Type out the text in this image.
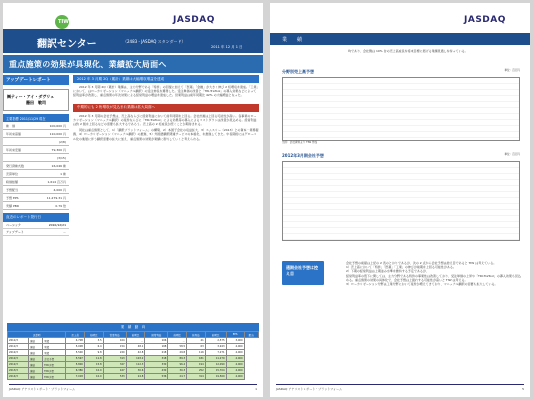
TIW	JASDAQ
翻訳センター	（2483・JASDAQ スタンダード）
2011 年 12 月 1 日
重点施策の効果が具現化、業績拡大局面へ
アップデートレポート
㈱ティー・アイ・ダヴリュ
藤田　敏司
主要指標 2011/11/29 現在
株　価	100,600 円
年初来高値	110,000 円
(2/8)
年初来安値	79,300 円
(3/15)
発行済株式数	16,046 株
売買単位	1 株
時価総額	1,614 百万円
予想配当	4,000 円
予想 EPS	11,279.31 円
実績 PBR	0.79 倍
直近のレポート発行日
ベーシック	2010/12/21
アップデート	－
2012 年 3 月期 2Q（累計）業績は大幅増収増益を達成
2012 年 3 月期 2Q（累計）業績は、主力分野である「特許」の回復に加えて「医薬」「金融」が大きく伸び 2 桁増収を達成。「工業」において、はローカリゼーション（マニュアル翻訳）の受注伸長を獲得した。受注単価の改善と「TRI-TraTool」の導入効果などによって経利益率が改善し、重点施策の年次効果による経常利益の増益を達成した。営業利益は前年同期比 42% の大幅増益となった。
中期的にも 2 桁増収が見込まれ業績は拡大局面へ
2012 年 3 月期の会社予想は、売上高ならびに経常利益において前年同期を上回る。会社計画は上回る可能性が高い。各事業のローカリゼーション（マニュアル翻訳）の案件ならびに「TRI-TraTool」による効果等の導入によるコストダウンは改善が見込める。経常利益は約 2 割を上回るなどの需要も拡大するであろう。売上高の 2 桁成長が続くことが期待される。
同社は重点施策として、1）「翻訳プラットフォーム」の構築、2）本国子会社の収益拡大、3）エムスリー（2413）との資本・業務提携、4）ローカリゼーション（マニュアル翻訳）の推進、5）外国語翻訳関連サービスの本格化、を推進してきた。中長期的にはグローバル化の進展に伴う翻訳需要の拡大に加え、重点施策の効果が業績に寄与していくと考えられる。
業　績　動　向
決算期			売上高	前期比	営業利益	前期比	経常利益	前期比	純利益	前期比	EPS	配当
2011/3	連結	実績	4,708	3.5	104	－	106	－	41	2,575	3,000	
2011/3	連結	実績	5,008	6.4	154	48.1	168	58.5	63	3,943	4,000	
2012/3	連結	実績	5,500	9.8	220	42.8	218	29.8	116	7,271	4,000	
2012/3	連結	会社予想	5,597	11.8	313	103.2	318	89.3	181	11,279	4,000	
2012/3	連結	TIW予想	5,800	15.8	327	112.3	330	96.4	194	12,090	4,000	
2013/3	連結	TIW予想	6,380	10.0	427	30.6	430	30.3	252	15,704	4,000	
2014/3	連結	TIW予想	7,018	10.0	533	24.8	536	24.7	314	19,569	4,000	
JASDAQ アナリストレポート・プラットフォーム	1
JASDAQ
業　　績
均であり、会社側は 10% 台の売上高成長を将来目標に掲げる業績見通しを持っている。
分野別売上高予想	単位：百万円
出所：会社資料より TIW 作成
2012年3月期会社予想	単位：百万円
通期会社予想は控え目
会社予想の前提は上記の 2 表のとおりであるが、次の 2 点から会社予想は控え目であると TIW は考えている。
1）売上高において「特許」「医薬」「工業」の伸びが前期を上回る可能性がある。
2）下期の経常利益は上期並み水準を維持する予定であるが、
経常利益率の低下に関しては、主力分野である特許の事業性は改善しており、受注単価の上昇や「TRI-TraTool」の導入効果も見込める。重点施策の効果の具体化で、会社予想は上振れする可能性が高いと TIW は考える。
3）ローカリゼーション分野は工業分野において案件が増えてきており、マニュアル翻訳の需要も拡大している。
JASDAQ アナリストレポート・プラットフォーム	5
